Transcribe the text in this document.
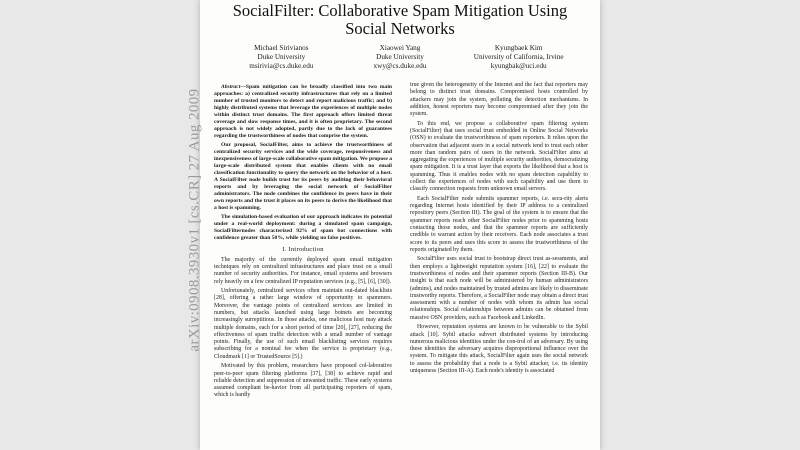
SocialFilter: Collaborative Spam Mitigation Using
Social Networks
Michael Sirivianos
Duke University
msirivia@cs.duke.edu
Xiaowei Yang
Duke University
xwy@cs.duke.edu
Kyungbaek Kim
University of California, Irvine
kyungbak@uci.edu

Abstract—Spam mitigation can be broadly classified into two main approaches: a) centralized security infrastructures that rely on a limited number of trusted monitors to detect and report malicious traffic; and b) highly distributed systems that leverage the experiences of multiple nodes within distinct trust domains. The first approach offers limited threat coverage and slow response times, and it is often proprietary. The second approach is not widely adopted, partly due to the lack of guarantees regarding the trustworthiness of nodes that comprise the system.

Our proposal, SocialFilter, aims to achieve the trustworthiness of centralized security services and the wide coverage, responsiveness and inexpensiveness of large-scale collaborative spam mitigation. We propose a large-scale distributed system that enables clients with no email classification functionality to query the network on the behavior of a host. A SocialFilter node builds trust for its peers by auditing their behavioral reports and by leveraging the social network of SocialFilter administrators. The node combines the confidence its peers have in their own reports and the trust it places on its peers to derive the likelihood that a host is spamming.

The simulation-based evaluation of our approach indicates its potential under a real-world deployment: during a simulated spam campaign, SocialFilternodes characterized 92% of spam bot connections with confidence greater than 50%, while yielding no false positives.

I. Introduction

The majority of the currently deployed spam email mitigation techniques rely on centralized infrastructures and place trust on a small number of security authorities. For instance, email systems and browsers rely heavily on a few centralized IP reputation services (e.g., [5], [6], [30]).

Unfortunately, centralized services often maintain out-dated blacklists [28], offering a rather large window of opportunity to spammers. Moreover, the vantage points of centralized services are limited in numbers, but attacks launched using large botnets are becoming increasingly surreptitious. In those attacks, one malicious host may attack multiple domains, each for a short period of time [20], [27], reducing the effectiveness of spam traffic detection with a small number of vantage points. Finally, the use of such email blacklisting services requires subscribing for a nominal fee when the service is proprietary (e.g., Cloudmark [1] or TrustedSource [5].)

Motivated by this problem, researchers have proposed col-laborative peer-to-peer spam filtering platforms [37], [38] to achieve rapid and reliable detection and suppression of unwanted traffic. These early systems assumed compliant be-havior from all participating reporters of spam, which is hardly

true given the heterogeneity of the Internet and the fact that reporters may belong to distinct trust domains. Compromised hosts controlled by attackers may join the system, polluting the detection mechanisms. In addition, honest reporters may become compromised after they join the system.

To this end, we propose a collaborative spam filtering system (SocialFilter) that uses social trust embedded in Online Social Networks (OSN) to evaluate the trustworthiness of spam reporters. It relies upon the observation that adjacent users in a social network tend to trust each other more than random pairs of users in the network. SocialFilter aims at aggregating the experiences of multiple security authorities, democratizing spam mitigation. It is a trust layer that exports the likelihood that a host is spamming. Thus it enables nodes with no spam detection capability to collect the experiences of nodes with such capability and use them to classify connection requests from unknown email servers.

Each SocialFilter node submits spammer reports, i.e. secu-rity alerts regarding Internet hosts identified by their IP address to a centralized repository peers (Section III). The goal of the system is to ensure that the spammer reports reach other SocialFilter nodes prior to spamming hosts contacting those nodes, and that the spammer reports are sufficiently credible to warrant action by their receivers. Each node associates a trust score to its peers and uses this score to assess the trustworthiness of the reports originated by them.

SocialFilter uses social trust to bootstrap direct trust as-sessments, and then employs a lightweight reputation system [16], [22] to evaluate the trustworthiness of nodes and their spammer reports (Section III-B). Our insight is that each node will be administered by human administrators (admins), and nodes maintained by trusted admins are likely to disseminate trustworthy reports. Therefore, a SocialFilter node may obtain a direct trust assessment with a number of nodes with whom its admin has social relationships. Social relationships between admins can be obtained from massive OSN providers, such as Facebook and LinkedIn.

However, reputation systems are known to be vulnerable to the Sybil attack [10]. Sybil attacks subvert distributed systems by introducing numerous malicious identities under the con-trol of an adversary. By using these identities the adversary acquires disproportional influence over the system. To mitigate this attack, SocialFilter again uses the social network to assess the probability that a node is a Sybil attacker, i.e. its identity uniqueness (Section III-A). Each node's identity is associated

arXiv:0908.3930v1 [cs.CR] 27 Aug 2009
